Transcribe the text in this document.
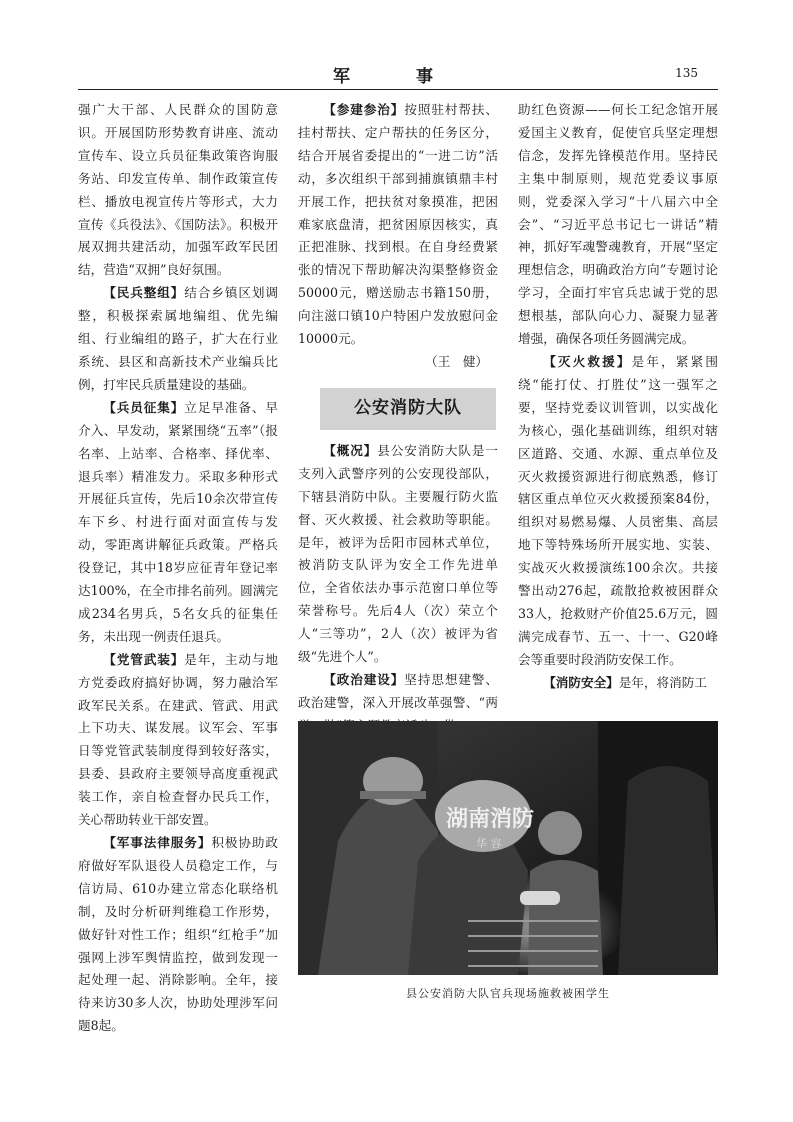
军 事	135

强广大干部、人民群众的国防意识。开展国防形势教育讲座、流动宣传车、设立兵员征集政策咨询服务站、印发宣传单、制作政策宣传栏、播放电视宣传片等形式，大力宣传《兵役法》、《国防法》。积极开展双拥共建活动，加强军政军民团结，营造“双拥”良好氛围。

【民兵整组】结合乡镇区划调整，积极探索属地编组、优先编组、行业编组的路子，扩大在行业系统、县区和高新技术产业编兵比例，打牢民兵质量建设的基础。

【兵员征集】立足早准备、早介入、早发动，紧紧围绕“五率”（报名率、上站率、合格率、择优率、退兵率）精准发力。采取多种形式开展征兵宣传，先后10余次带宣传车下乡、村进行面对面宣传与发动，零距离讲解征兵政策。严格兵役登记，其中18岁应征青年登记率达100%，在全市排名前列。圆满完成234名男兵，5名女兵的征集任务，未出现一例责任退兵。

【党管武装】是年，主动与地方党委政府搞好协调，努力融洽军政军民关系。在建武、管武、用武上下功夫、谋发展。议军会、军事日等党管武装制度得到较好落实，县委、县政府主要领导高度重视武装工作，亲自检查督办民兵工作，关心帮助转业干部安置。

【军事法律服务】积极协助政府做好军队退役人员稳定工作，与信访局、610办建立常态化联络机制，及时分析研判维稳工作形势，做好针对性工作；组织“红枪手”加强网上涉军舆情监控，做到发现一起处理一起、消除影响。全年，接待来访30多人次，协助处理涉军问题8起。

【参建参治】按照驻村帮扶、挂村帮扶、定户帮扶的任务区分，结合开展省委提出的“一进二访”活动，多次组织干部到捕旗镇鼎丰村开展工作，把扶贫对象摸准，把困难家底盘清，把贫困原因核实，真正把准脉、找到根。在自身经费紧张的情况下帮助解决沟渠整修资金50000元，赠送励志书籍150册，向注滋口镇10户特困户发放慰问金10000元。

（王　健）

公安消防大队

【概况】县公安消防大队是一支列入武警序列的公安现役部队，下辖县消防中队。主要履行防火监督、灭火救援、社会救助等职能。是年，被评为岳阳市园林式单位，被消防支队评为安全工作先进单位，全省依法办事示范窗口单位等荣誉称号。先后4人（次）荣立个人“三等功”，2人（次）被评为省级“先进个人”。

【政治建设】坚持思想建警、政治建警，深入开展改革强警、“两

助红色资源——何长工纪念馆开展爱国主义教育，促使官兵坚定理想信念，发挥先锋模范作用。坚持民主集中制原则，规范党委议事原则，党委深入学习“十八届六中全会”、“习近平总书记七一讲话”精神，抓好军魂警魂教育，开展“坚定理想信念，明确政治方向”专题讨论学习，全面打牢官兵忠诚于党的思想根基，部队向心力、凝聚力显著增强，确保各项任务圆满完成。

【灭火救援】是年，紧紧围绕“能打仗、打胜仗”这一强军之要，坚持党委议训管训，以实战化为核心，强化基础训练，组织对辖区道路、交通、水源、重点单位及灭火救援资源进行彻底熟悉，修订辖区重点单位灭火救援预案84份，组织对易燃易爆、人员密集、高层地下等特殊场所开展实地、实装、实战灭火救援演练100余次。共接警出动276起，疏散抢救被困群众33人，抢救财产价值25.6万元，圆满完成春节、五一、十一、G20峰会等重要时段消防安保工作。

【消防安全】是年，将消防工

湖南消防
华 容
县公安消防大队官兵现场施救被困学生
